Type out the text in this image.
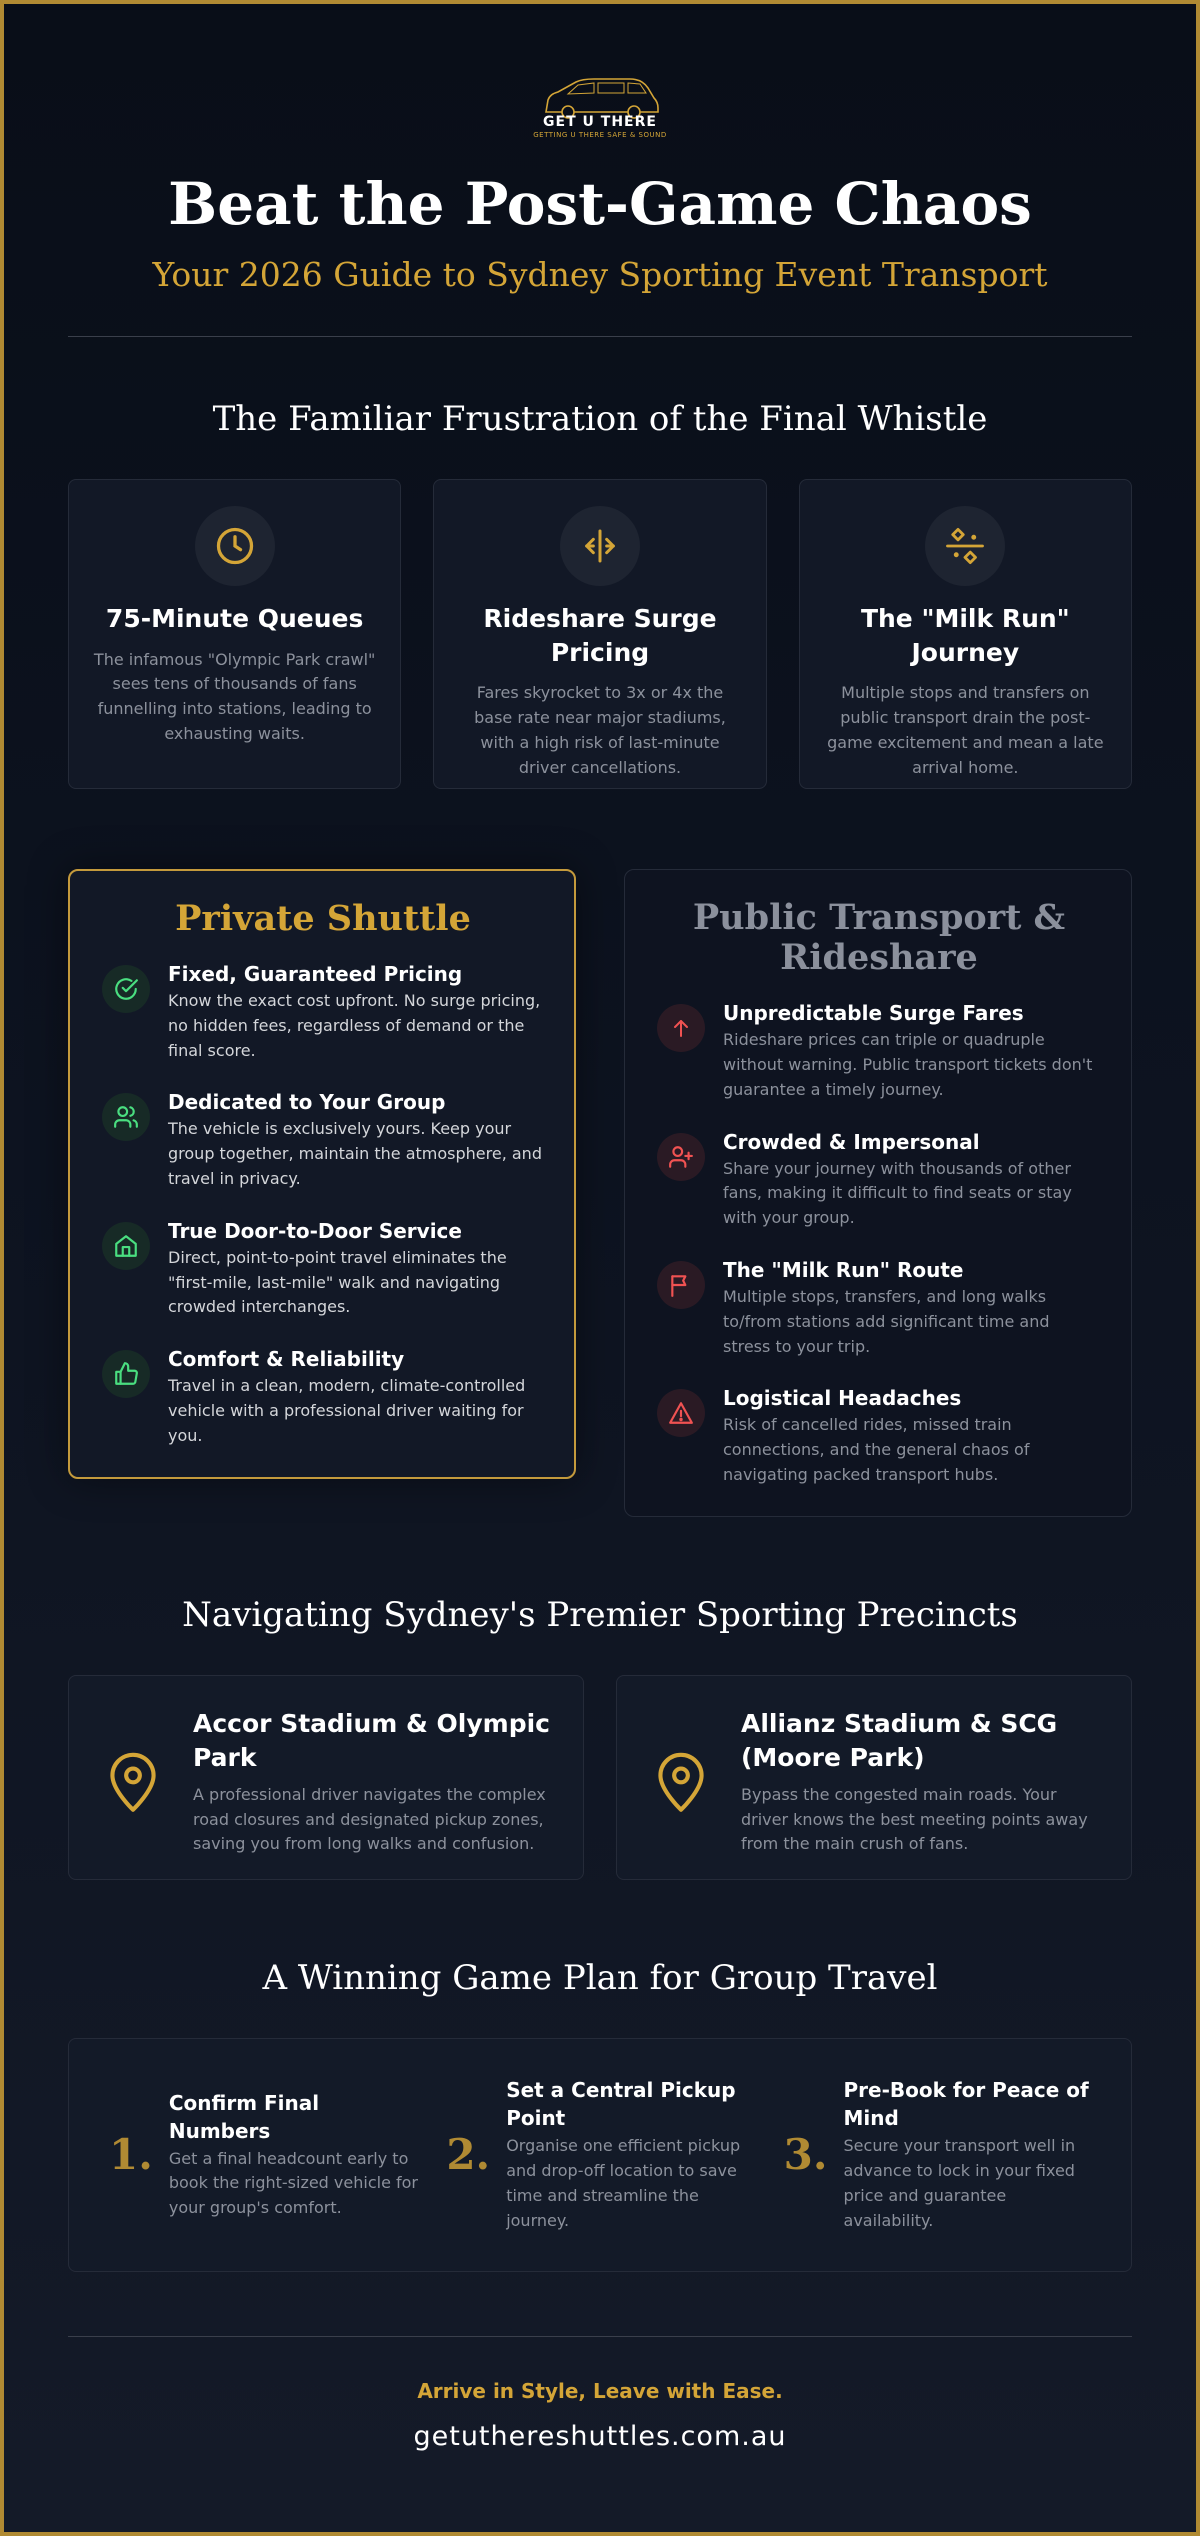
GET U THERE
GETTING U THERE SAFE & SOUND
Beat the Post-Game Chaos
Your 2026 Guide to Sydney Sporting Event Transport
The Familiar Frustration of the Final Whistle
75-Minute Queues
The infamous "Olympic Park crawl" sees tens of thousands of fans funnelling into stations, leading to exhausting waits.
Rideshare Surge Pricing
Fares skyrocket to 3x or 4x the base rate near major stadiums, with a high risk of last-minute driver cancellations.
The "Milk Run" Journey
Multiple stops and transfers on public transport drain the post-game excitement and mean a late arrival home.
Private Shuttle
Fixed, Guaranteed Pricing
Know the exact cost upfront. No surge pricing, no hidden fees, regardless of demand or the final score.
Dedicated to Your Group
The vehicle is exclusively yours. Keep your group together, maintain the atmosphere, and travel in privacy.
True Door-to-Door Service
Direct, point-to-point travel eliminates the "first-mile, last-mile" walk and navigating crowded interchanges.
Comfort & Reliability
Travel in a clean, modern, climate-controlled vehicle with a professional driver waiting for you.
Public Transport & Rideshare
Unpredictable Surge Fares
Rideshare prices can triple or quadruple without warning. Public transport tickets don't guarantee a timely journey.
Crowded & Impersonal
Share your journey with thousands of other fans, making it difficult to find seats or stay with your group.
The "Milk Run" Route
Multiple stops, transfers, and long walks to/from stations add significant time and stress to your trip.
Logistical Headaches
Risk of cancelled rides, missed train connections, and the general chaos of navigating packed transport hubs.
Navigating Sydney's Premier Sporting Precincts
Accor Stadium & Olympic Park
A professional driver navigates the complex road closures and designated pickup zones, saving you from long walks and confusion.
Allianz Stadium & SCG (Moore Park)
Bypass the congested main roads. Your driver knows the best meeting points away from the main crush of fans.
A Winning Game Plan for Group Travel
1.
Confirm Final Numbers
Get a final headcount early to book the right-sized vehicle for your group's comfort.
2.
Set a Central Pickup Point
Organise one efficient pickup and drop-off location to save time and streamline the journey.
3.
Pre-Book for Peace of Mind
Secure your transport well in advance to lock in your fixed price and guarantee availability.
Arrive in Style, Leave with Ease.
getuthereshuttles.com.au
